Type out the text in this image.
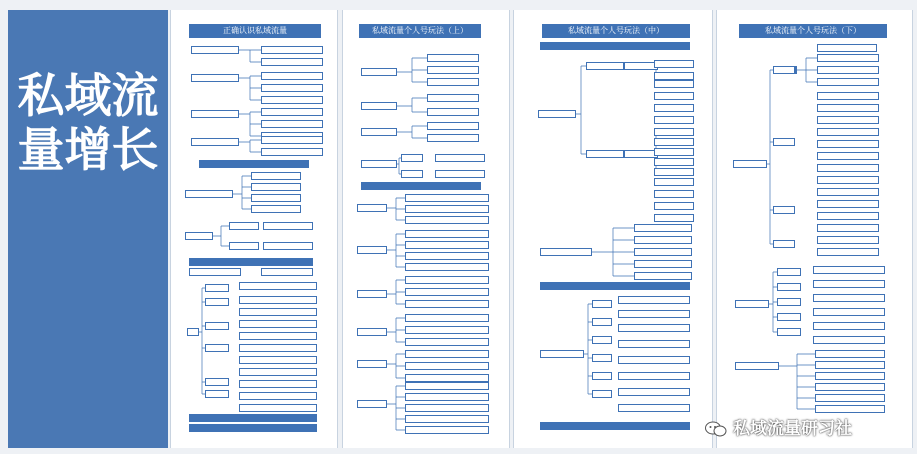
私域流量增长
正确认识私域流量	私域流量个人号玩法（上）	私域流量个人号玩法（中）	私域流量个人号玩法（下）
私域流量研习社
